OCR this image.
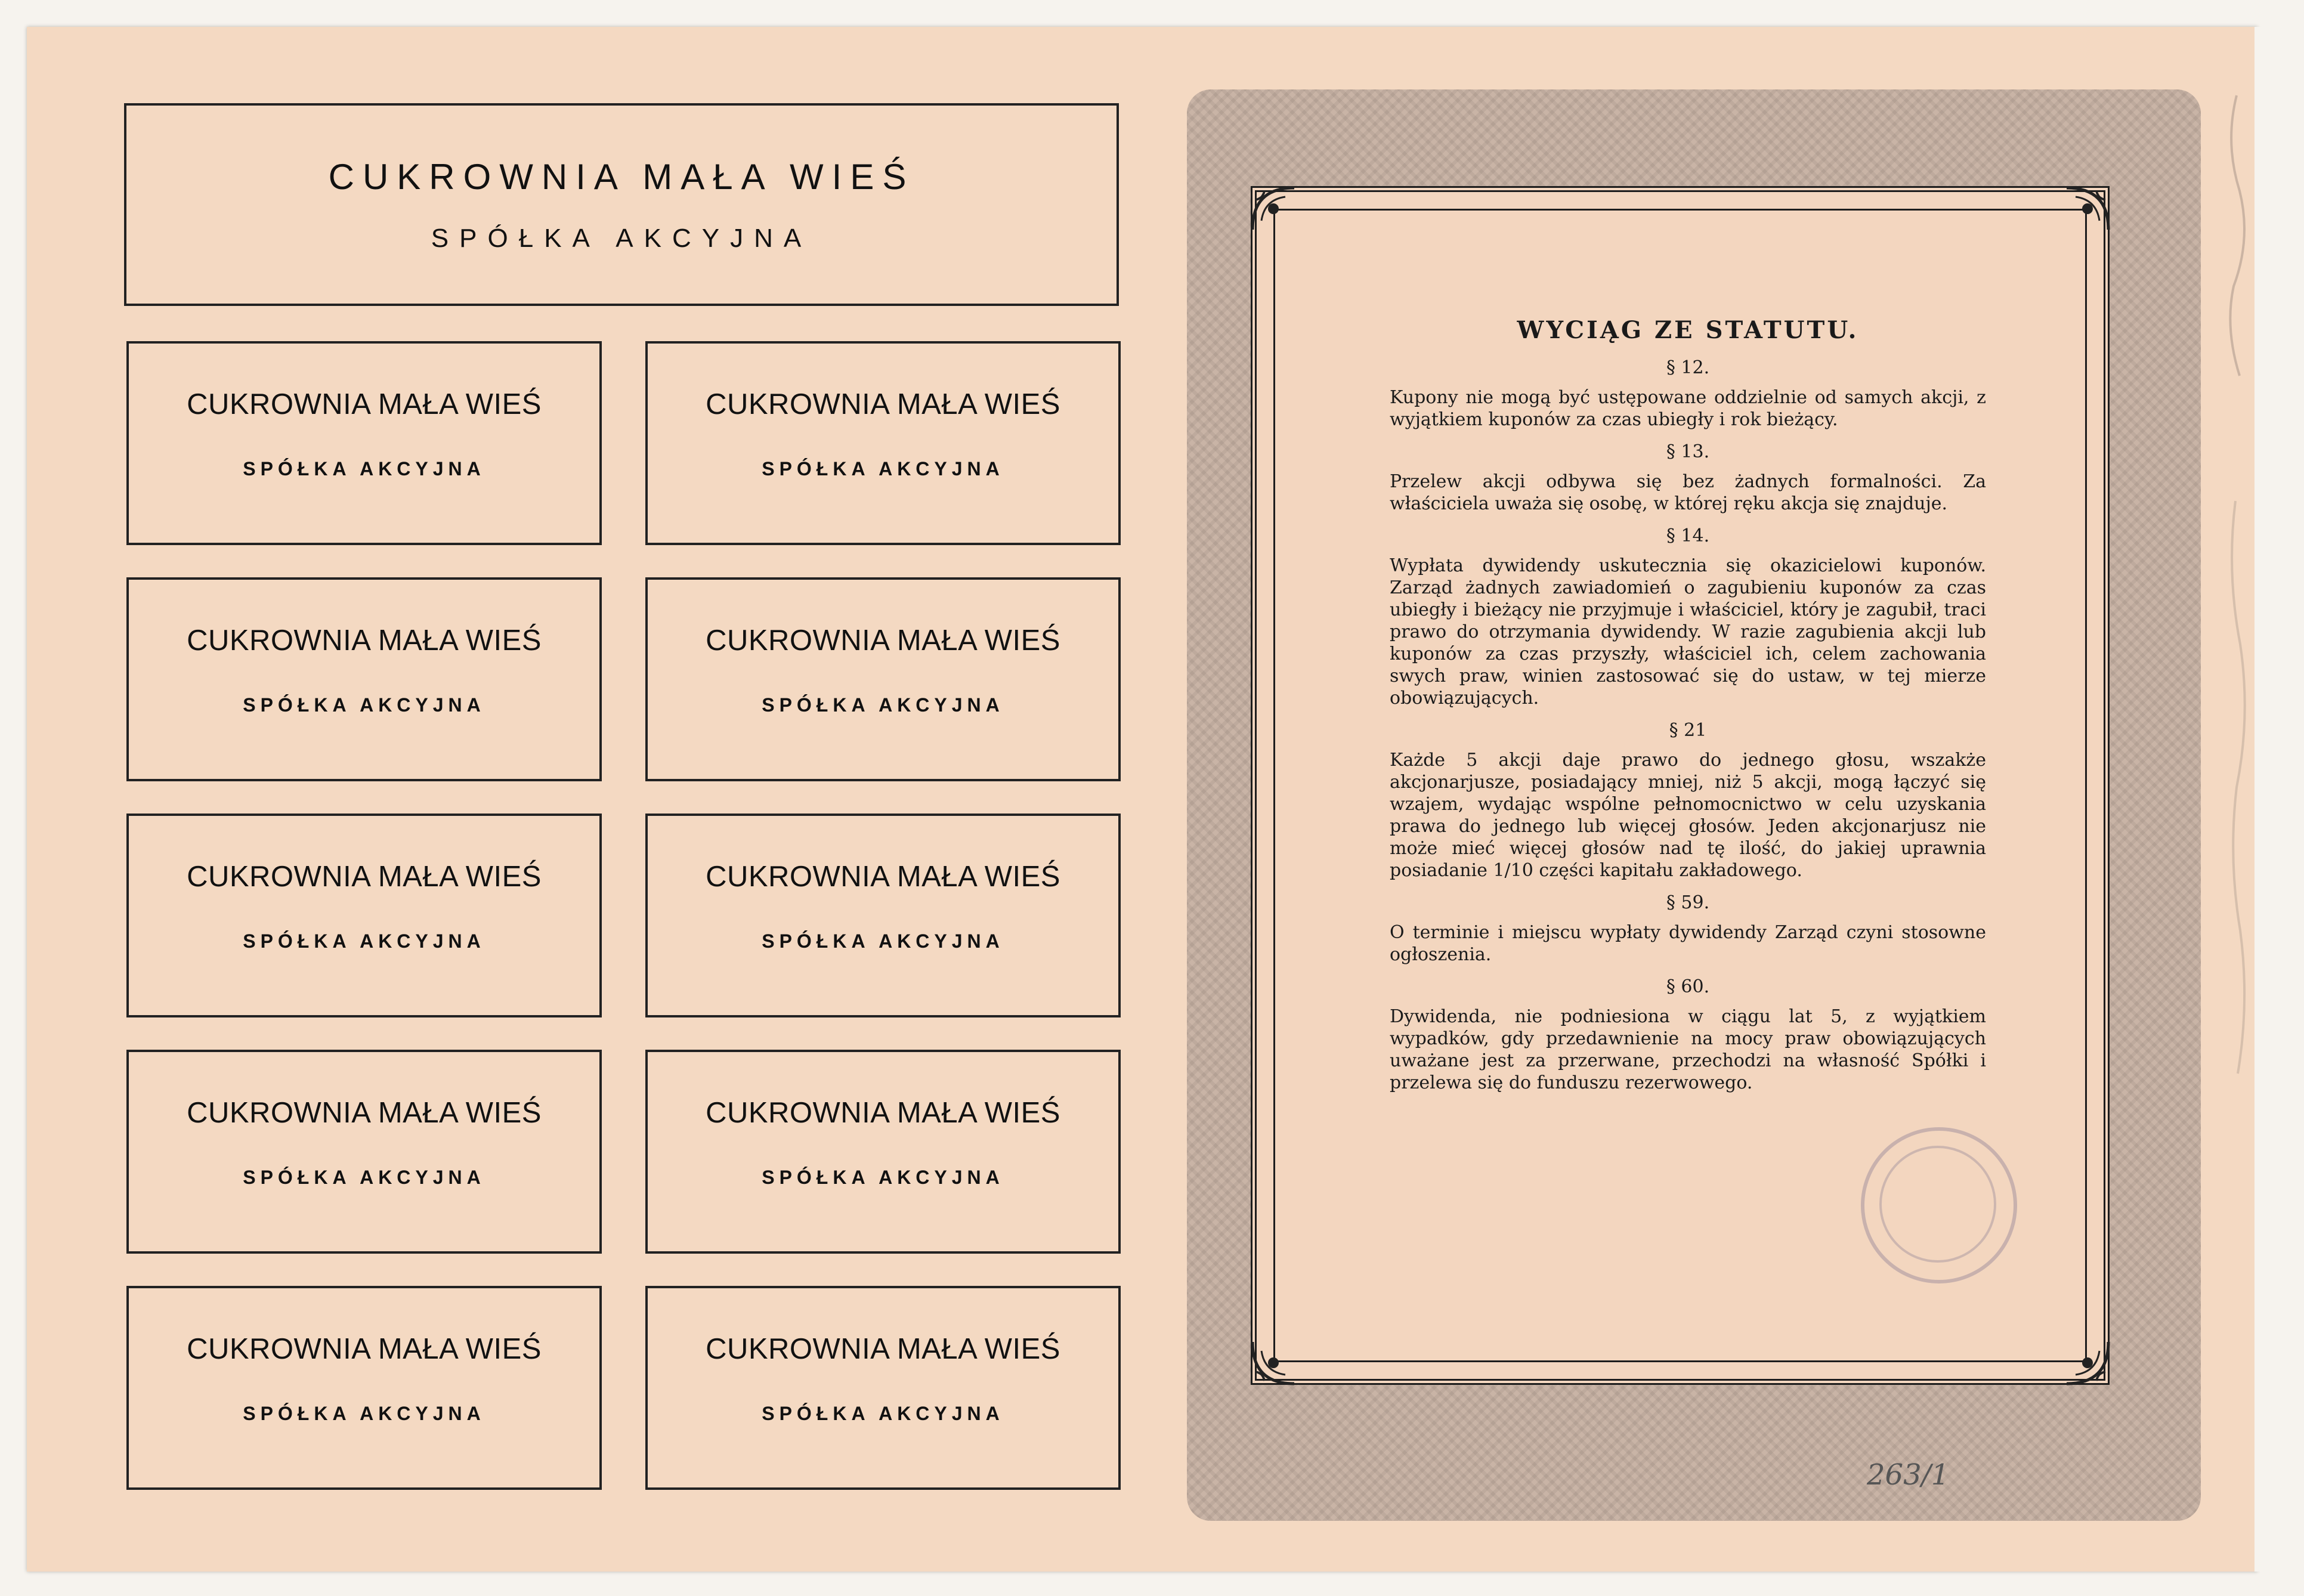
CUKROWNIA MAŁA WIEŚ
SPÓŁKA AKCYJNA
CUKROWNIA MAŁA WIEŚ
SPÓŁKA AKCYJNA
CUKROWNIA MAŁA WIEŚ
SPÓŁKA AKCYJNA
CUKROWNIA MAŁA WIEŚ
SPÓŁKA AKCYJNA
CUKROWNIA MAŁA WIEŚ
SPÓŁKA AKCYJNA
CUKROWNIA MAŁA WIEŚ
SPÓŁKA AKCYJNA
CUKROWNIA MAŁA WIEŚ
SPÓŁKA AKCYJNA
CUKROWNIA MAŁA WIEŚ
SPÓŁKA AKCYJNA
CUKROWNIA MAŁA WIEŚ
SPÓŁKA AKCYJNA
CUKROWNIA MAŁA WIEŚ
SPÓŁKA AKCYJNA
CUKROWNIA MAŁA WIEŚ
SPÓŁKA AKCYJNA
WYCIĄG ZE STATUTU.
§ 12.
Kupony nie mogą być ustępowane oddzielnie od samych akcji, z wyjątkiem kuponów za czas ubiegły i rok bieżący.
§ 13.
Przelew akcji odbywa się bez żadnych formalności. Za właściciela uważa się osobę, w której ręku akcja się znajduje.
§ 14.
Wypłata dywidendy uskutecznia się okazicielowi kuponów. Zarząd żadnych zawiadomień o zagubieniu kuponów za czas ubiegły i bieżący nie przyjmuje i właściciel, który je zagubił, traci prawo do otrzymania dywidendy. W razie zagubienia akcji lub kuponów za czas przyszły, właściciel ich, celem zachowania swych praw, winien zastosować się do ustaw, w tej mierze obowiązujących.
§ 21
Każde 5 akcji daje prawo do jednego głosu, wszakże akcjonarjusze, posiadający mniej, niż 5 akcji, mogą łączyć się wzajem, wydając wspólne pełnomocnictwo w celu uzyskania prawa do jednego lub więcej głosów. Jeden akcjonarjusz nie może mieć więcej głosów nad tę ilość, do jakiej uprawnia posiadanie 1/10 części kapitału zakładowego.
§ 59.
O terminie i miejscu wypłaty dywidendy Zarząd czyni stosowne ogłoszenia.
§ 60.
Dywidenda, nie podniesiona w ciągu lat 5, z wyjątkiem wypadków, gdy przedawnienie na mocy praw obowiązujących uważane jest za przerwane, przechodzi na własność Spółki i przelewa się do funduszu rezerwowego.
263/1
